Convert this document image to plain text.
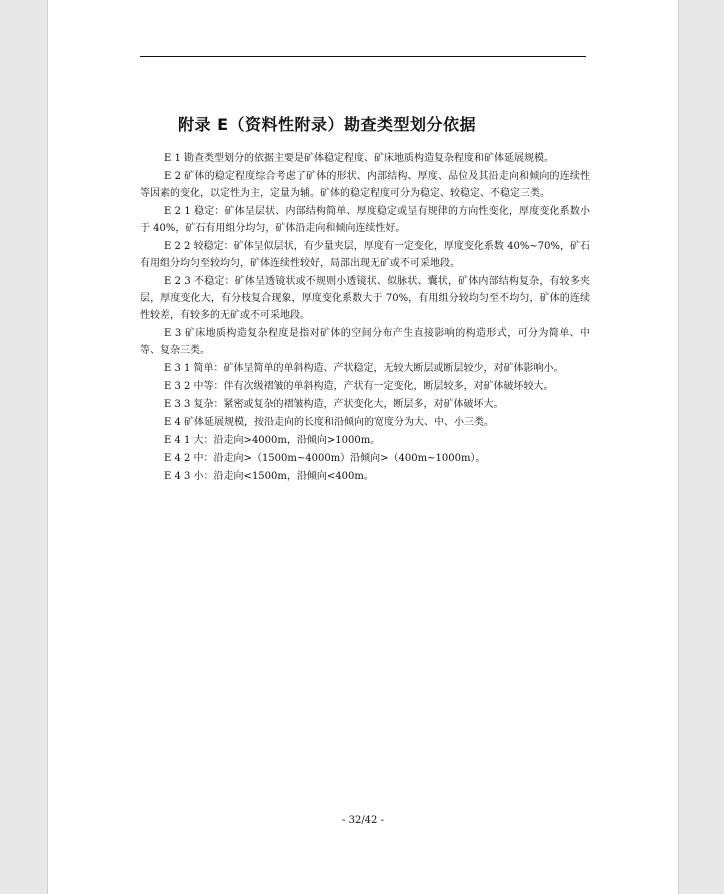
附录 E（资料性附录）勘查类型划分依据

E 1 勘查类型划分的依据主要是矿体稳定程度、矿床地质构造复杂程度和矿体延展规模。

E 2 矿体的稳定程度综合考虑了矿体的形状、内部结构、厚度、品位及其沿走向和倾向的连续性等因素的变化，以定性为主，定量为辅。矿体的稳定程度可分为稳定、较稳定、不稳定三类。

E 2 1 稳定：矿体呈层状、内部结构简单、厚度稳定或呈有规律的方向性变化，厚度变化系数小于 40%，矿石有用组分均匀，矿体沿走向和倾向连续性好。

E 2 2 较稳定：矿体呈似层状，有少量夹层，厚度有一定变化，厚度变化系数 40%~70%，矿石有用组分均匀至较均匀，矿体连续性较好，局部出现无矿或不可采地段。

E 2 3 不稳定：矿体呈透镜状或不规则小透镜状、似脉状、囊状，矿体内部结构复杂，有较多夹层，厚度变化大，有分枝复合现象，厚度变化系数大于 70%，有用组分较均匀至不均匀，矿体的连续性较差，有较多的无矿或不可采地段。

E 3 矿床地质构造复杂程度是指对矿体的空间分布产生直接影响的构造形式，可分为简单、中等、复杂三类。

E 3 1 简单：矿体呈简单的单斜构造、产状稳定，无较大断层或断层较少，对矿体影响小。

E 3 2 中等：伴有次级褶皱的单斜构造，产状有一定变化，断层较多，对矿体破坏较大。

E 3 3 复杂：紧密或复杂的褶皱构造，产状变化大，断层多，对矿体破坏大。

E 4 矿体延展规模，按沿走向的长度和沿倾向的宽度分为大、中、小三类。

E 4 1 大：沿走向>4000m，沿倾向>1000m。

E 4 2 中：沿走向>（1500m~4000m）沿倾向>（400m~1000m）。

E 4 3 小：沿走向<1500m，沿倾向<400m。

- 32/42 -
